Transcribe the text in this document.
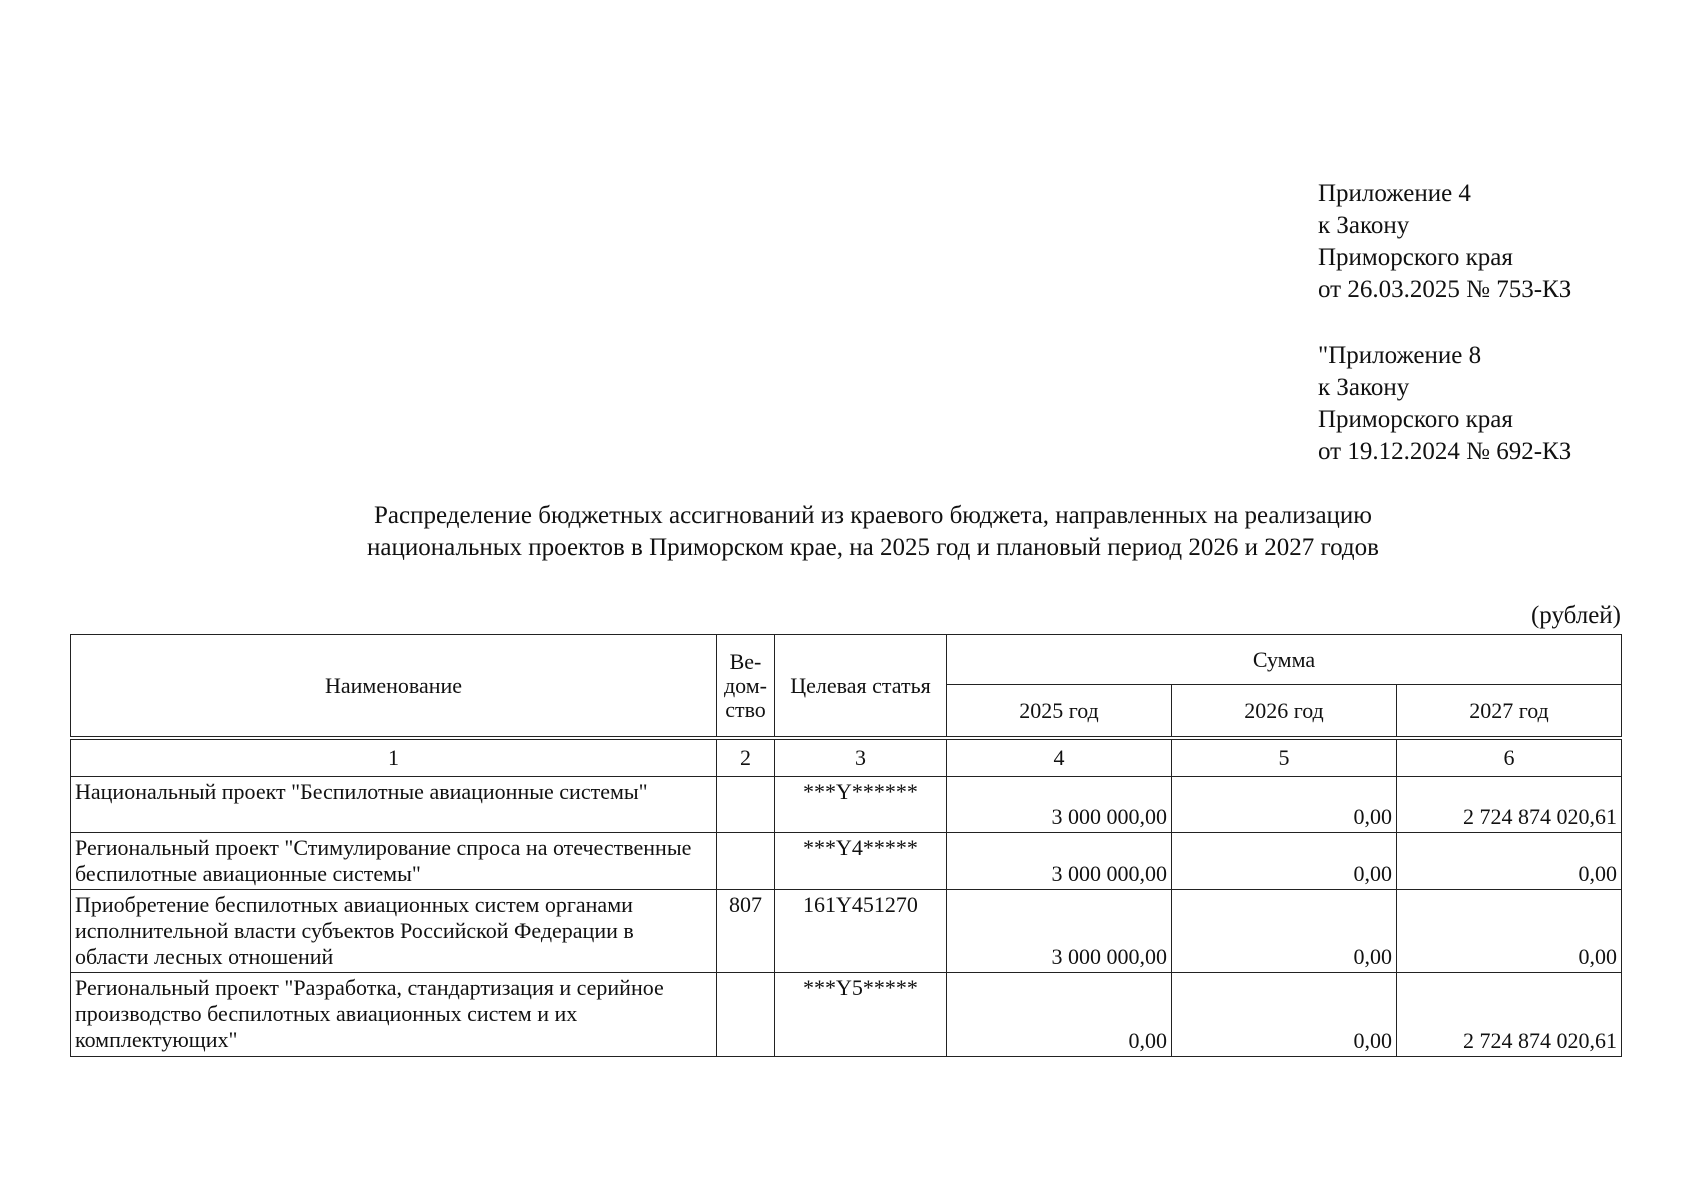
Приложение 4
к Закону
Приморского края
от 26.03.2025 № 753-КЗ
"Приложение 8
к Закону
Приморского края
от 19.12.2024 № 692-КЗ
Распределение бюджетных ассигнований из краевого бюджета, направленных на реализацию
национальных проектов в Приморском крае, на 2025 год и плановый период 2026 и 2027 годов
(рублей)
Наименование	Ве-
дом-
ство	Целевая статья	Сумма		
			2025 год	2026 год	2027 год

1	2	3	4	5	6
Национальный проект "Беспилотные авиационные системы"		***Y******	3 000 000,00	0,00	2 724 874 020,61
Региональный проект "Стимулирование спроса на отечественные беспилотные авиационные системы"		***Y4*****	3 000 000,00	0,00	0,00
Приобретение беспилотных авиационных систем органами исполнительной власти субъектов Российской Федерации в области лесных отношений	807	161Y451270	3 000 000,00	0,00	0,00
Региональный проект "Разработка, стандартизация и серийное производство беспилотных авиационных систем и их комплектующих"		***Y5*****	0,00	0,00	2 724 874 020,61
